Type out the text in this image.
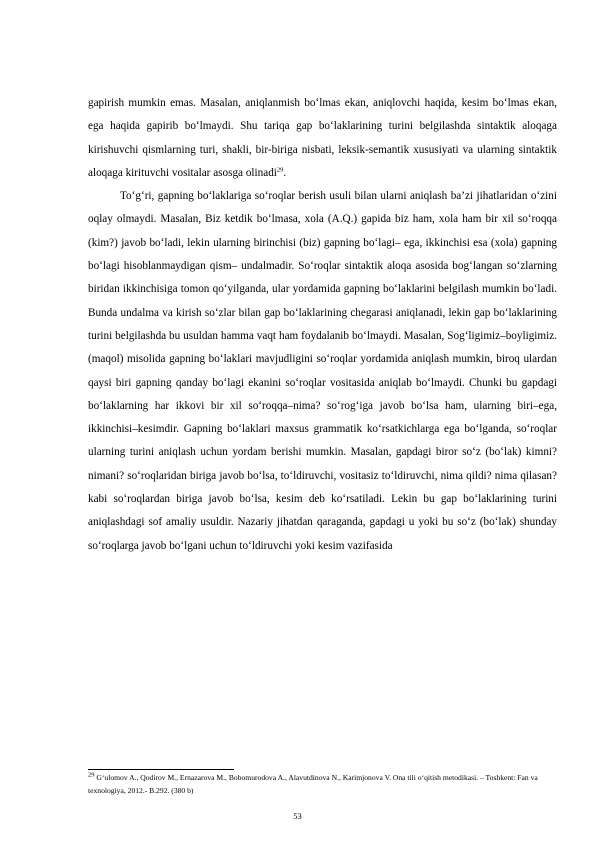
gapirish mumkin emas. Masalan, aniqlanmish bo‘lmas ekan, aniqlovchi haqida, kesim bo‘lmas ekan, ega haqida gapirib bo‘lmaydi. Shu tariqa gap bo‘laklarining turini belgilashda sintaktik aloqaga kirishuvchi qismlarning turi, shakli, bir-biriga nisbati, leksik-semantik xususiyati va ularning sintaktik aloqaga kirituvchi vositalar asosga olinadi$^{29}$.

To‘g‘ri, gapning bo‘laklariga so‘roqlar berish usuli bilan ularni aniqlash ba’zi jihatlaridan o‘zini oqlay olmaydi. Masalan, Biz ketdik bo‘lmasa, xola (A.Q.) gapida biz ham, xola ham bir xil so‘roqqa (kim?) javob bo‘ladi, lekin ularning birinchisi (biz) gapning bo‘lagi– ega, ikkinchisi esa (xola) gapning bo‘lagi hisoblanmaydigan qism– undalmadir. So‘roqlar sintaktik aloqa asosida bog‘langan so‘zlarning biridan ikkinchisiga tomon qo‘yilganda, ular yordamida gapning bo‘laklarini belgilash mumkin bo‘ladi. Bunda undalma va kirish so‘zlar bilan gap bo‘laklarining chegarasi aniqlanadi, lekin gap bo‘laklarining turini belgilashda bu usuldan hamma vaqt ham foydalanib bo‘lmaydi. Masalan, Sog‘ligimiz–boyligimiz. (maqol) misolida gapning bo‘laklari mavjudligini so‘roqlar yordamida aniqlash mumkin, biroq ulardan qaysi biri gapning qanday bo‘lagi ekanini so‘roqlar vositasida aniqlab bo‘lmaydi. Chunki bu gapdagi bo‘laklarning har ikkovi bir xil so‘roqqa–nima? so‘rog‘iga javob bo‘lsa ham, ularning biri–ega, ikkinchisi–kesimdir. Gapning bo‘laklari maxsus grammatik ko‘rsatkichlarga ega bo‘lganda, so‘roqlar ularning turini aniqlash uchun yordam berishi mumkin. Masalan, gapdagi biror so‘z (bo‘lak) kimni? nimani? so‘roqlaridan biriga javob bo‘lsa, to‘ldiruvchi, vositasiz to‘ldiruvchi, nima qildi? nima qilasan? kabi so‘roqlardan biriga javob bo‘lsa, kesim deb ko‘rsatiladi. Lekin bu gap bo‘laklarining turini aniqlashdagi sof amaliy usuldir. Nazariy jihatdan qaraganda, gapdagi u yoki bu so‘z (bo‘lak) shunday so‘roqlarga javob bo‘lgani uchun to‘ldiruvchi yoki kesim vazifasida

$^{29}$ G‘ulomov A., Qodirov M., Ernazarova M., Bobomurodova A., Alavutdinova N., Karimjonova V. Ona tili o‘qitish metodikasi. – Toshkent: Fan va texnologiya, 2012.- B.292. (380 b)
53
